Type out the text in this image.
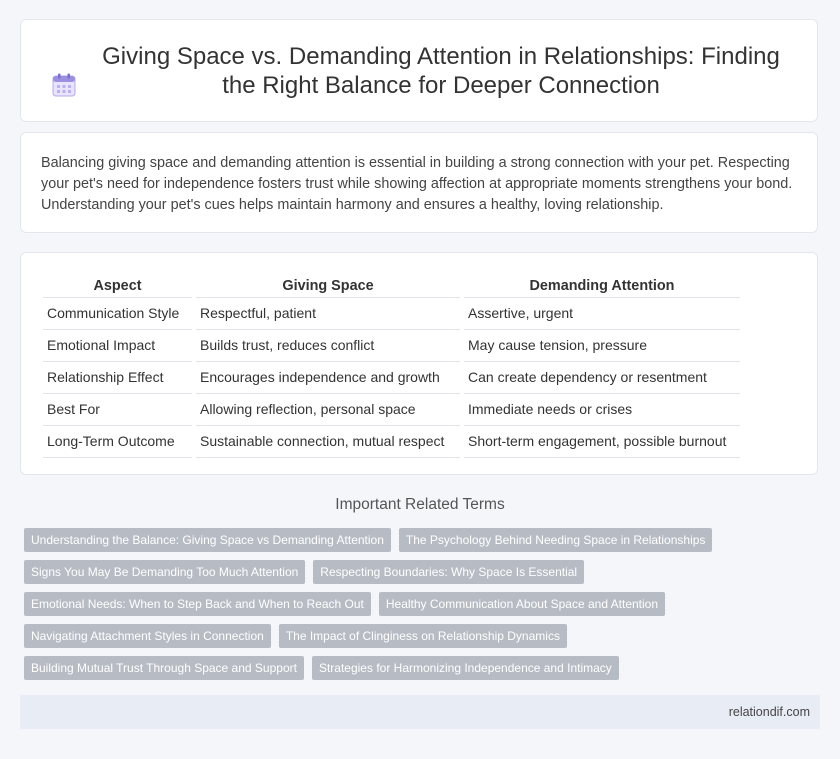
Giving Space vs. Demanding Attention in Relationships: Finding the Right Balance for Deeper Connection

Balancing giving space and demanding attention is essential in building a strong connection with your pet. Respecting your pet's need for independence fosters trust while showing affection at appropriate moments strengthens your bond. Understanding your pet's cues helps maintain harmony and ensures a healthy, loving relationship.

Aspect	Giving Space	Demanding Attention
Communication Style	Respectful, patient	Assertive, urgent
Emotional Impact	Builds trust, reduces conflict	May cause tension, pressure
Relationship Effect	Encourages independence and growth	Can create dependency or resentment
Best For	Allowing reflection, personal space	Immediate needs or crises
Long-Term Outcome	Sustainable connection, mutual respect	Short-term engagement, possible burnout
Important Related Terms
Understanding the Balance: Giving Space vs Demanding Attention	The Psychology Behind Needing Space in Relationships
Signs You May Be Demanding Too Much Attention	Respecting Boundaries: Why Space Is Essential
Emotional Needs: When to Step Back and When to Reach Out	Healthy Communication About Space and Attention
Navigating Attachment Styles in Connection	The Impact of Clinginess on Relationship Dynamics
Building Mutual Trust Through Space and Support	Strategies for Harmonizing Independence and Intimacy
relationdif.com
